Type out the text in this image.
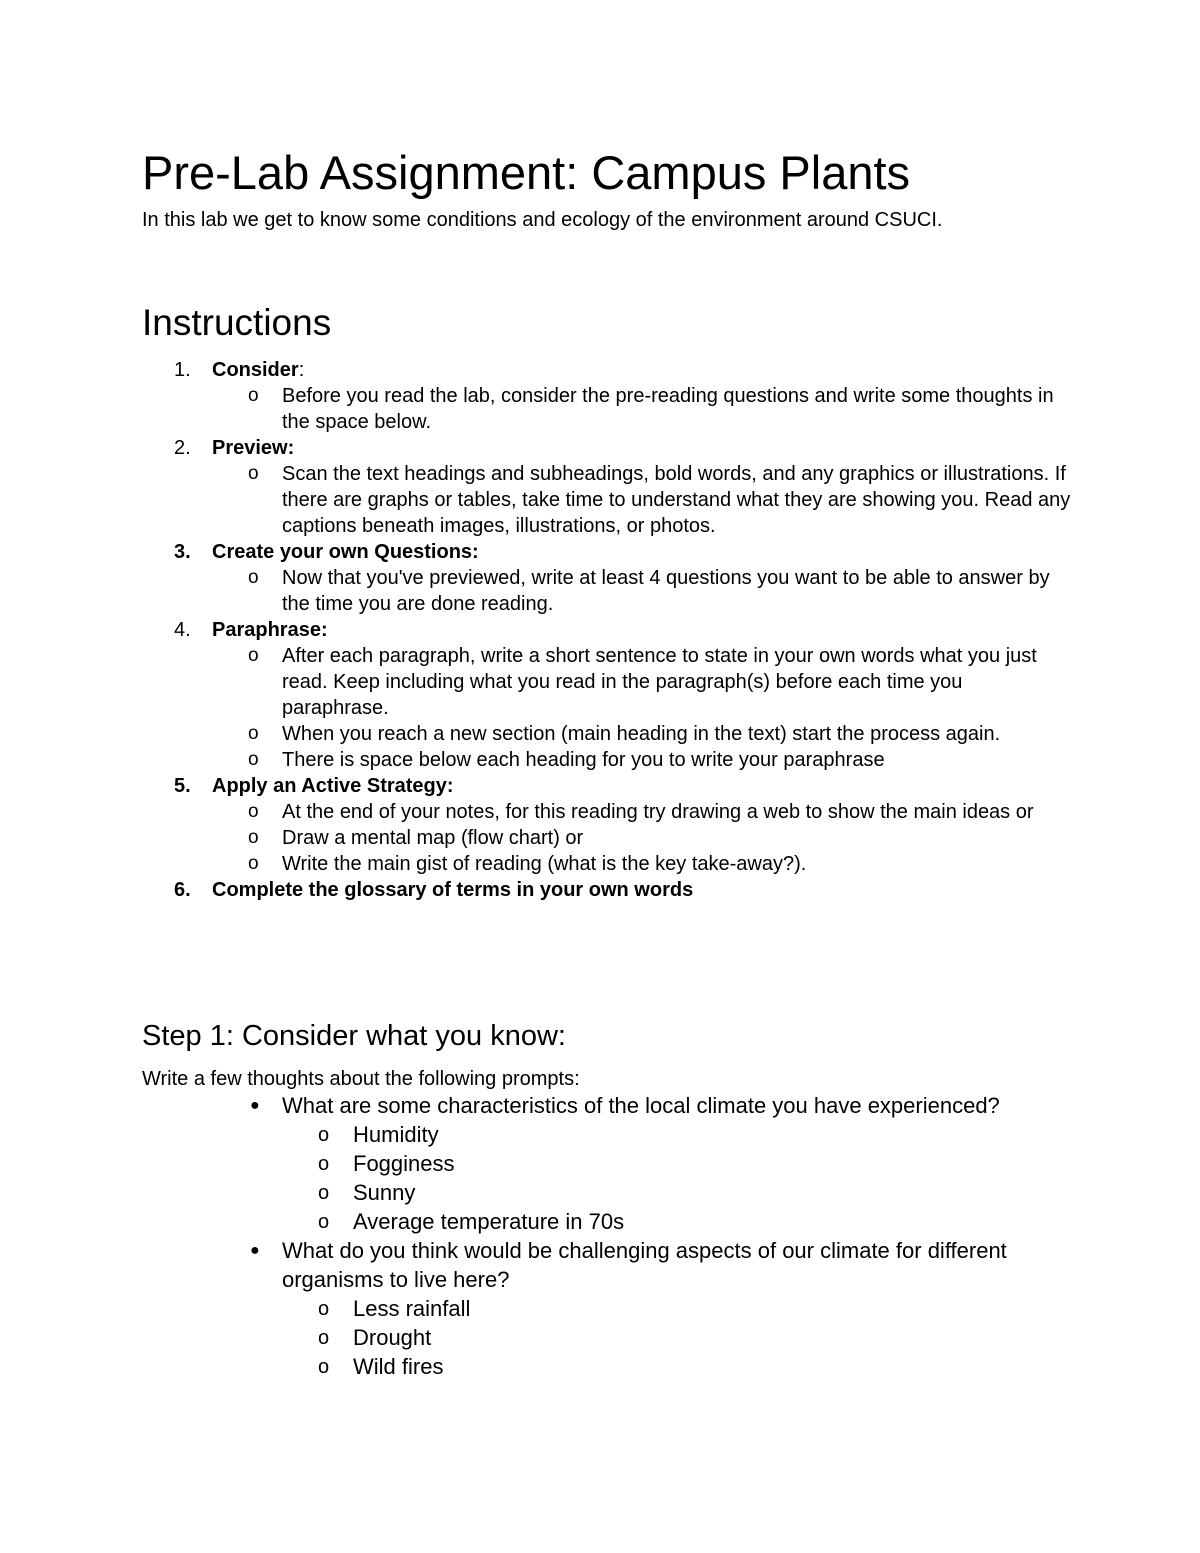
Pre-Lab Assignment: Campus Plants
In this lab we get to know some conditions and ecology of the environment around CSUCI.
Instructions
1. Consider:
o Before you read the lab, consider the pre-reading questions and write some thoughts in the space below.
2. Preview:
o Scan the text headings and subheadings, bold words, and any graphics or illustrations. If there are graphs or tables, take time to understand what they are showing you. Read any captions beneath images, illustrations, or photos.
3. Create your own Questions:
o Now that you've previewed, write at least 4 questions you want to be able to answer by the time you are done reading.
4. Paraphrase:
o After each paragraph, write a short sentence to state in your own words what you just read. Keep including what you read in the paragraph(s) before each time you paraphrase.
o When you reach a new section (main heading in the text) start the process again.
o There is space below each heading for you to write your paraphrase
5. Apply an Active Strategy:
o At the end of your notes, for this reading try drawing a web to show the main ideas or
o Draw a mental map (flow chart) or
o Write the main gist of reading (what is the key take-away?).
6. Complete the glossary of terms in your own words
Step 1: Consider what you know:
Write a few thoughts about the following prompts:
● What are some characteristics of the local climate you have experienced?
o Humidity
o Fogginess
o Sunny
o Average temperature in 70s
● What do you think would be challenging aspects of our climate for different organisms to live here?
o Less rainfall
o Drought
o Wild fires
